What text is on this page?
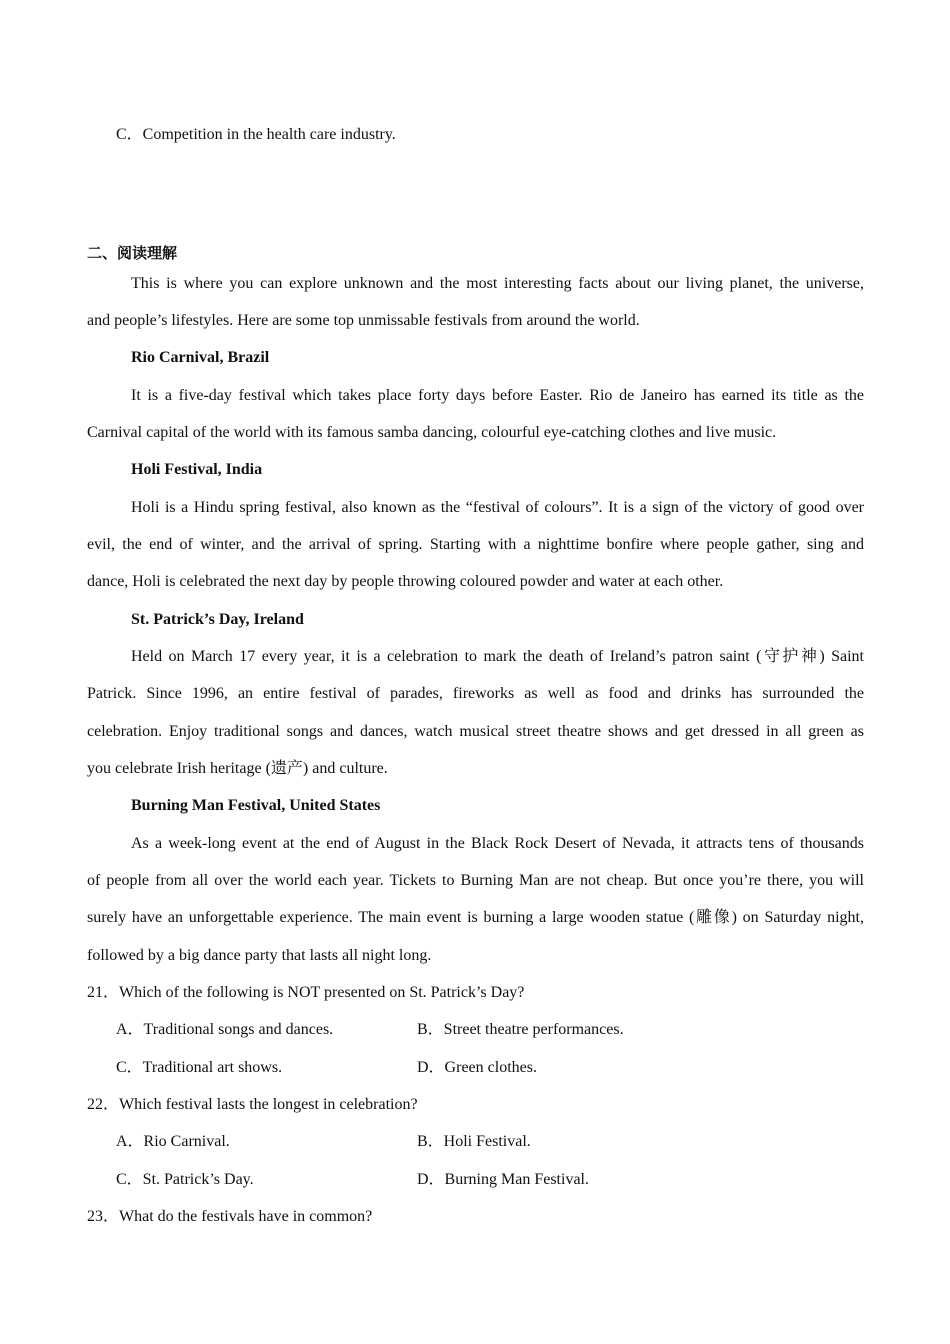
C．Competition in the health care industry.
二、阅读理解
This is where you can explore unknown and the most interesting facts about our living planet, the universe,
and people’s lifestyles. Here are some top unmissable festivals from around the world.
Rio Carnival, Brazil
It is a five-day festival which takes place forty days before Easter. Rio de Janeiro has earned its title as the
Carnival capital of the world with its famous samba dancing, colourful eye-catching clothes and live music.
Holi Festival, India
Holi is a Hindu spring festival, also known as the “festival of colours”. It is a sign of the victory of good over
evil, the end of winter, and the arrival of spring. Starting with a nighttime bonfire where people gather, sing and
dance, Holi is celebrated the next day by people throwing coloured powder and water at each other.
St. Patrick’s Day, Ireland
Held on March 17 every year, it is a celebration to mark the death of Ireland’s patron saint (守护神) Saint
Patrick. Since 1996, an entire festival of parades, fireworks as well as food and drinks has surrounded the
celebration. Enjoy traditional songs and dances, watch musical street theatre shows and get dressed in all green as
you celebrate Irish heritage (遗产) and culture.
Burning Man Festival, United States
As a week-long event at the end of August in the Black Rock Desert of Nevada, it attracts tens of thousands
of people from all over the world each year. Tickets to Burning Man are not cheap. But once you’re there, you will
surely have an unforgettable experience. The main event is burning a large wooden statue (雕像) on Saturday night,
followed by a big dance party that lasts all night long.
21．Which of the following is NOT presented on St. Patrick’s Day?
A．Traditional songs and dances.	B．Street theatre performances.
C．Traditional art shows.	D．Green clothes.
22．Which festival lasts the longest in celebration?
A．Rio Carnival.	B．Holi Festival.
C．St. Patrick’s Day.	D．Burning Man Festival.
23．What do the festivals have in common?
